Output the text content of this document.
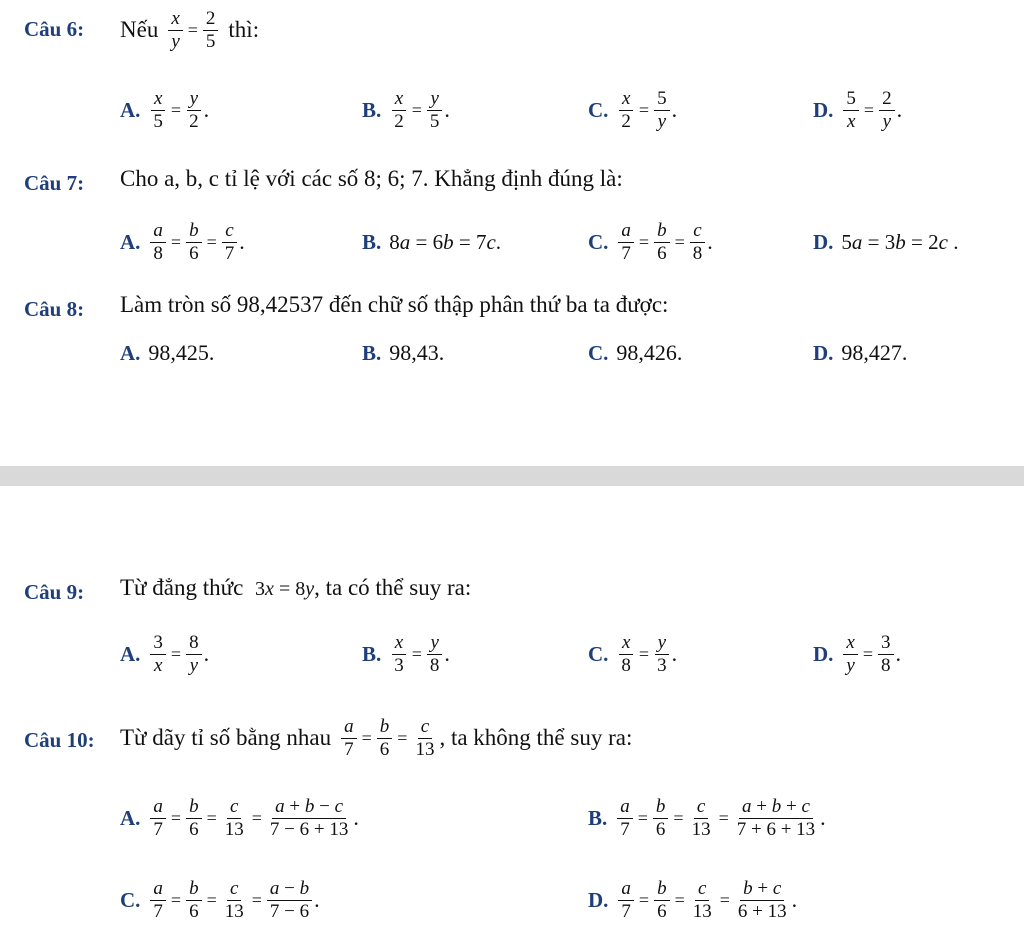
Câu 6: Nếu $\frac{x}{y} = \frac{2}{5}$ thì:
A. $\frac{x}{5} = \frac{y}{2}$ .	B. $\frac{x}{2} = \frac{y}{5}$ .	C. $\frac{x}{2} = \frac{5}{y}$ .	D. $\frac{5}{x} = \frac{2}{y}$ .
Câu 7: Cho a, b, c tỉ lệ với các số 8; 6; 7. Khẳng định đúng là:
A. $\frac{a}{8} = \frac{b}{6} = \frac{c}{7}$ .	B. 8a = 6b = 7c.	C. $\frac{a}{7} = \frac{b}{6} = \frac{c}{8}$ .	D. 5a = 3b = 2c .
Câu 8: Làm tròn số 98,42537 đến chữ số thập phân thứ ba ta được:
A. 98,425.	B. 98,43.	C. 98,426.	D. 98,427.
Câu 9: Từ đẳng thức 3x = 8y, ta có thể suy ra:
A. $\frac{3}{x} = \frac{8}{y}$ .	B. $\frac{x}{3} = \frac{y}{8}$ .	C. $\frac{x}{8} = \frac{y}{3}$ .	D. $\frac{x}{y} = \frac{3}{8}$ .
Câu 10: Từ dãy tỉ số bằng nhau $\frac{a}{7} = \frac{b}{6} = \frac{c}{13}$ , ta không thể suy ra:
A. $\frac{a}{7} = \frac{b}{6} = \frac{c}{13} = \frac{a + b - c}{7 - 6 + 13}$ .	B. $\frac{a}{7} = \frac{b}{6} = \frac{c}{13} = \frac{a + b + c}{7 + 6 + 13}$ .
C. $\frac{a}{7} = \frac{b}{6} = \frac{c}{13} = \frac{a - b}{7 - 6}$ .	D. $\frac{a}{7} = \frac{b}{6} = \frac{c}{13} = \frac{b + c}{6 + 13}$ .
